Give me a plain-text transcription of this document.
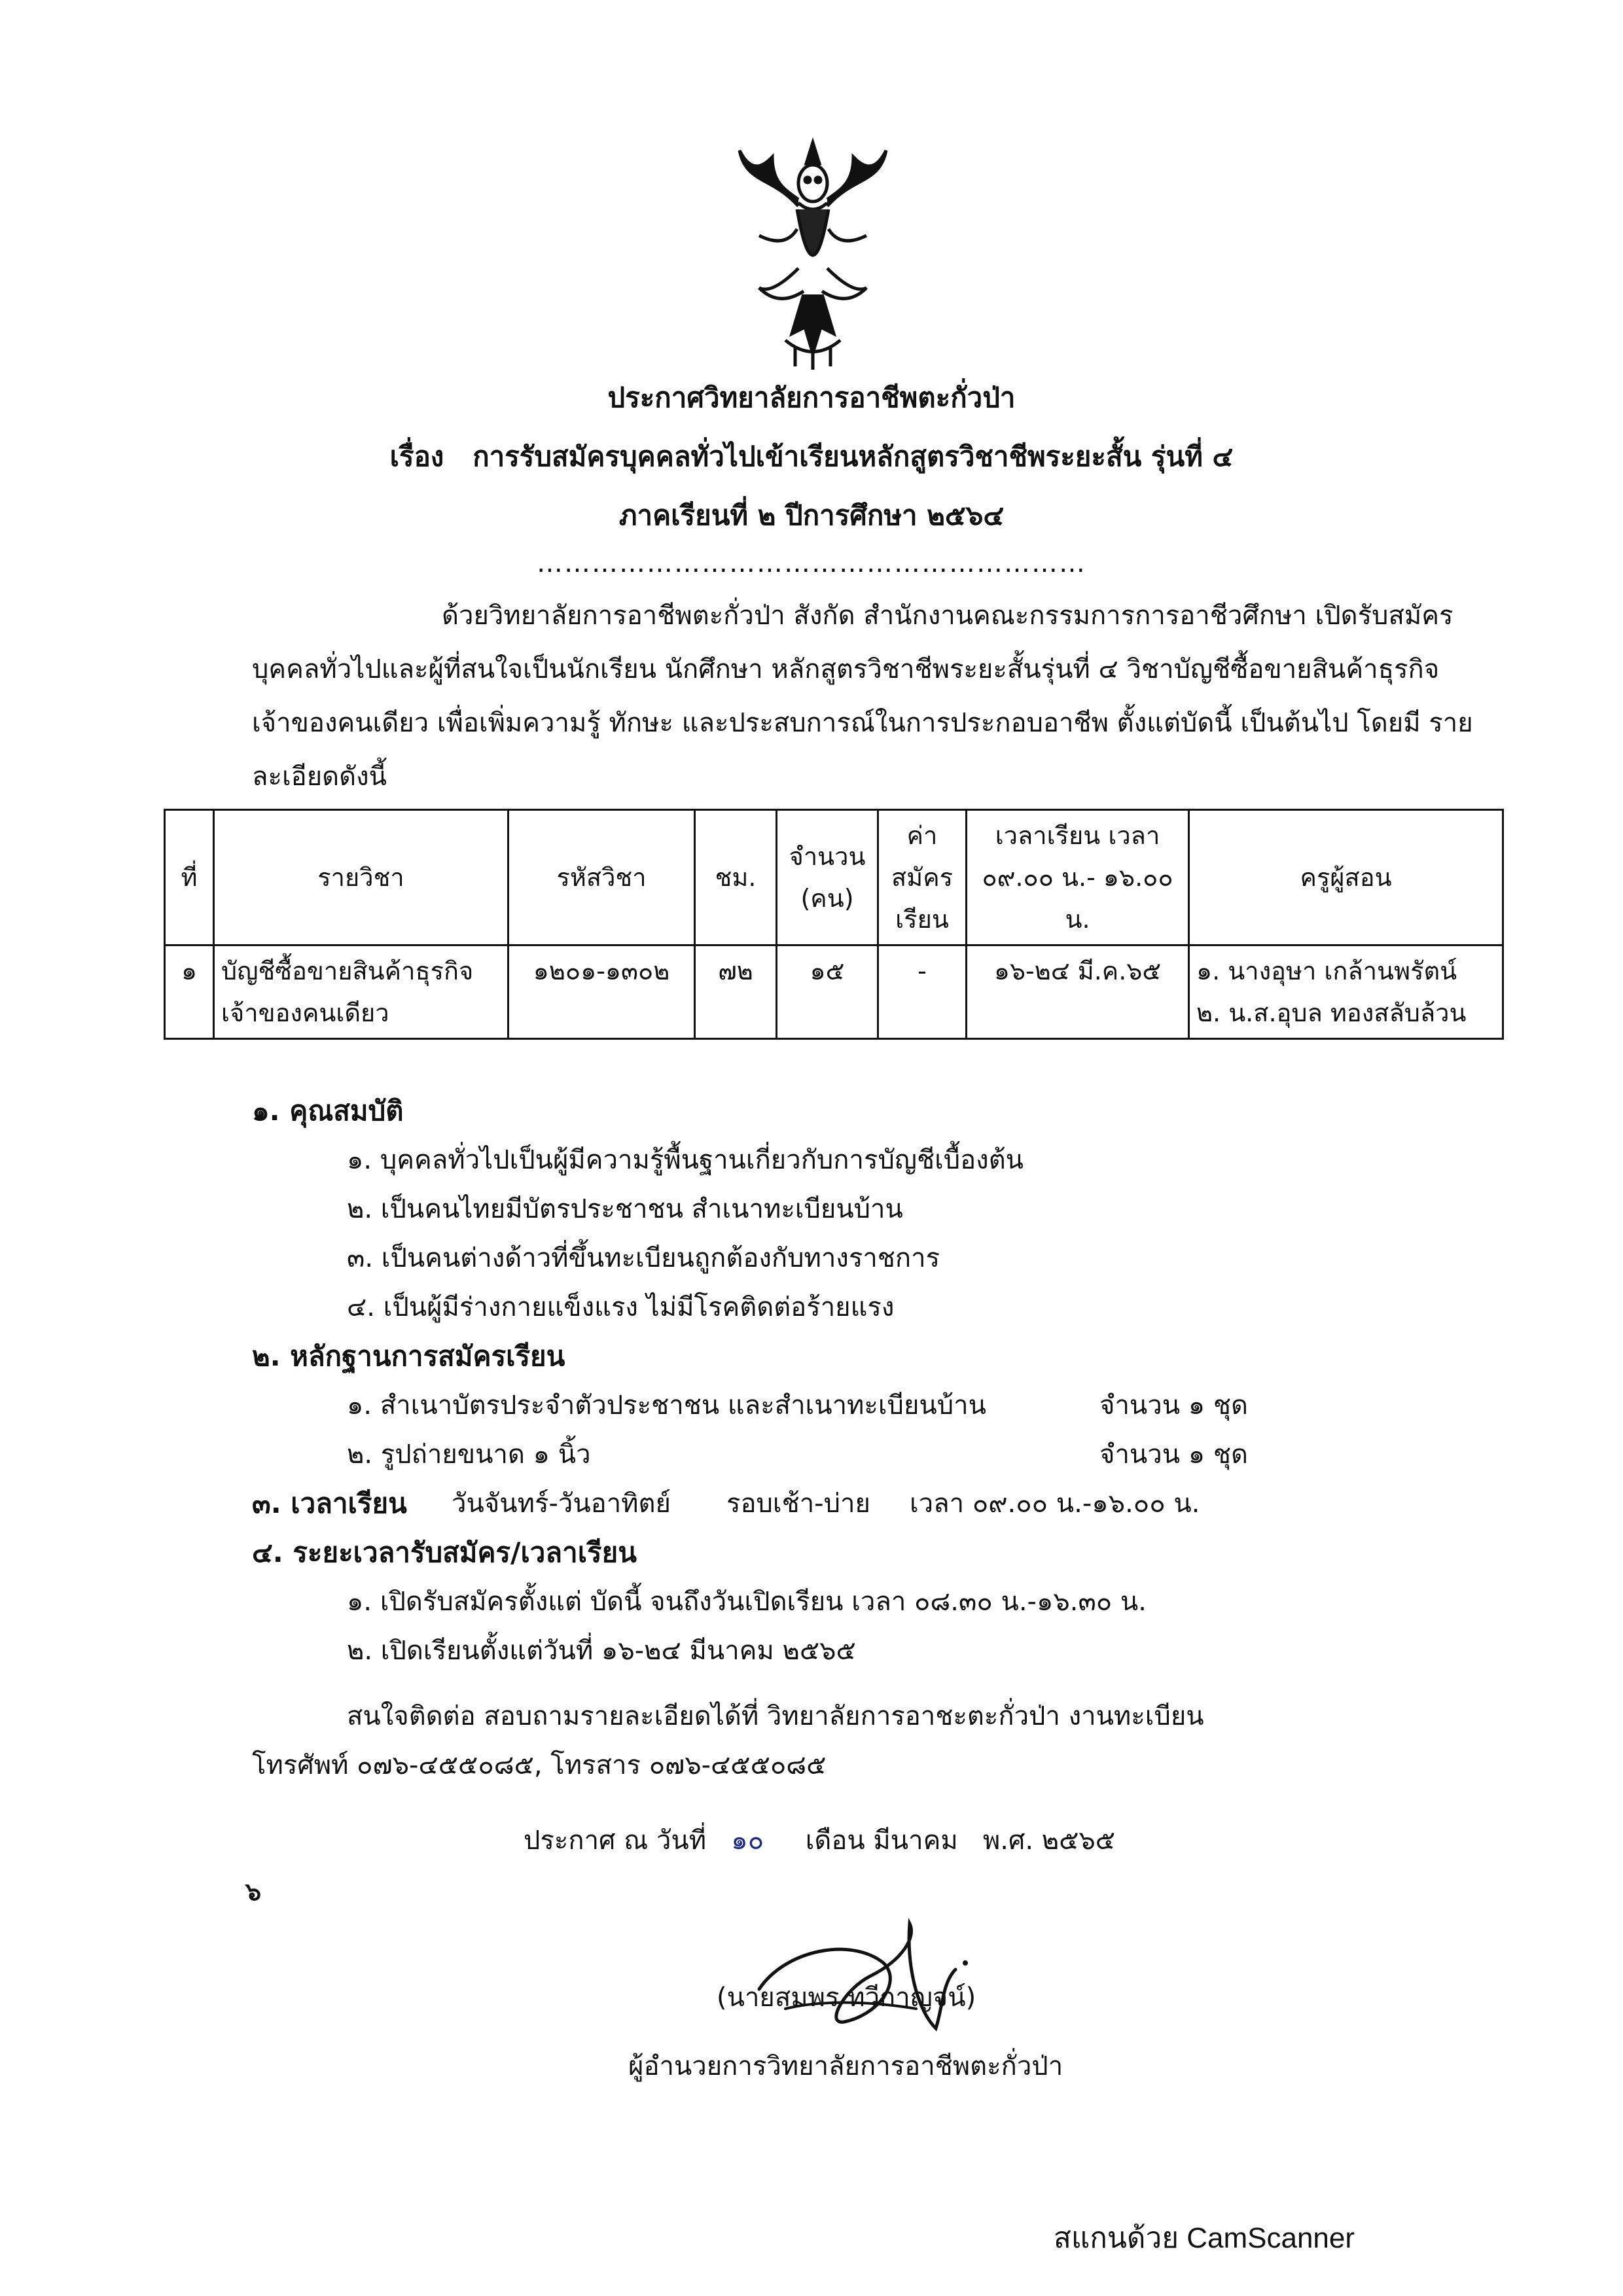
ประกาศวิทยาลัยการอาชีพตะกั่วป่า
เรื่อง การรับสมัครบุคคลทั่วไปเข้าเรียนหลักสูตรวิชาชีพระยะสั้น รุ่นที่ ๔
ภาคเรียนที่ ๒ ปีการศึกษา ๒๕๖๔
……………………………………………………
ด้วยวิทยาลัยการอาชีพตะกั่วป่า สังกัด สำนักงานคณะกรรมการการอาชีวศึกษา เปิดรับสมัคร บุคคลทั่วไปและผู้ที่สนใจเป็นนักเรียน นักศึกษา หลักสูตรวิชาชีพระยะสั้นรุ่นที่ ๔ วิชาบัญชีซื้อขายสินค้าธุรกิจ เจ้าของคนเดียว เพื่อเพิ่มความรู้ ทักษะ และประสบการณ์ในการประกอบอาชีพ ตั้งแต่บัดนี้ เป็นต้นไป โดยมี รายละเอียดดังนี้
ที่	รายวิชา	รหัสวิชา	ชม.	จำนวน (คน)	ค่า สมัคร เรียน	เวลาเรียน เวลา ๐๙.๐๐ น.- ๑๖.๐๐ น.	ครูผู้สอน
๑	บัญชีซื้อขายสินค้าธุรกิจ เจ้าของคนเดียว	๑๒๐๑-๑๓๐๒	๗๒	๑๕	-	๑๖-๒๔ มี.ค.๖๕	๑. นางอุษา เกล้านพรัตน์
๒. น.ส.อุบล ทองสลับล้วน
๑. คุณสมบัติ
๑. บุคคลทั่วไปเป็นผู้มีความรู้พื้นฐานเกี่ยวกับการบัญชีเบื้องต้น
๒. เป็นคนไทยมีบัตรประชาชน สำเนาทะเบียนบ้าน
๓. เป็นคนต่างด้าวที่ขึ้นทะเบียนถูกต้องกับทางราชการ
๔. เป็นผู้มีร่างกายแข็งแรง ไม่มีโรคติดต่อร้ายแรง
๒. หลักฐานการสมัครเรียน
๑. สำเนาบัตรประจำตัวประชาชน และสำเนาทะเบียนบ้าน	จำนวน ๑ ชุด
๒. รูปถ่ายขนาด ๑ นิ้ว	จำนวน ๑ ชุด
๓. เวลาเรียน วันจันทร์-วันอาทิตย์ รอบเช้า-บ่าย เวลา ๐๙.๐๐ น.-๑๖.๐๐ น.
๔. ระยะเวลารับสมัคร/เวลาเรียน
๑. เปิดรับสมัครตั้งแต่ บัดนี้ จนถึงวันเปิดเรียน เวลา ๐๘.๓๐ น.-๑๖.๓๐ น.
๒. เปิดเรียนตั้งแต่วันที่ ๑๖-๒๔ มีนาคม ๒๕๖๕
สนใจติดต่อ สอบถามรายละเอียดได้ที่ วิทยาลัยการอาชะตะกั่วป่า งานทะเบียน
โทรศัพท์ ๐๗๖-๔๕๕๐๘๕, โทรสาร ๐๗๖-๔๕๕๐๘๕
ประกาศ ณ วันที่ ๑๐ เดือน มีนาคม พ.ศ. ๒๕๖๕
๖
(นายสมพร ทวีกาญจน์)
ผู้อำนวยการวิทยาลัยการอาชีพตะกั่วป่า
สแกนด้วย CamScanner
